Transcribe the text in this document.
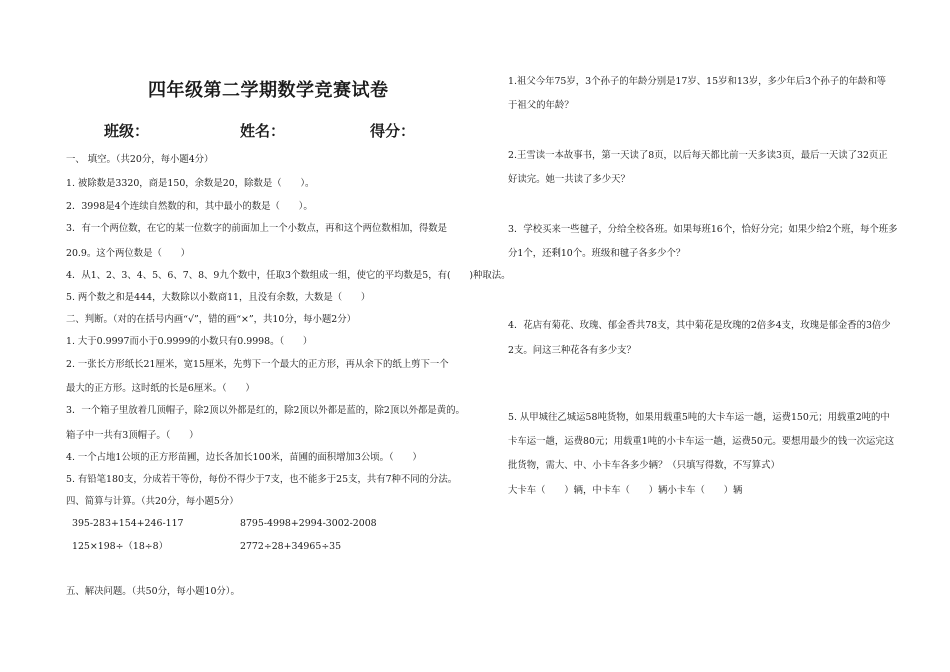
四年级第二学期数学竞赛试卷
班级：	姓名：	得分：
一、 填空。（共20分，每小题4分）
1. 被除数是3320，商是150，余数是20，除数是（　　）。
2．3998是4个连续自然数的和，其中最小的数是（　　）。
3．有一个两位数，在它的某一位数字的前面加上一个小数点，再和这个两位数相加，得数是
20.9。这个两位数是（　　）
4．从1、2、3、4、5、6、7、8、9九个数中，任取3个数组成一组，使它的平均数是5，有(　　)种取法。
5. 两个数之和是444，大数除以小数商11，且没有余数，大数是（　　）
二、判断。（对的在括号内画“√”，错的画“×”，共10分，每小题2分）
1. 大于0.9997而小于0.9999的小数只有0.9998。（　　）
2. 一张长方形纸长21厘米，宽15厘米，先剪下一个最大的正方形，再从余下的纸上剪下一个
最大的正方形。这时纸的长是6厘米。（　　）
3．一个箱子里放着几顶帽子，除2顶以外都是红的，除2顶以外都是蓝的，除2顶以外都是黄的。
箱子中一共有3顶帽子。（　　）
4. 一个占地1公顷的正方形苗圃，边长各加长100米，苗圃的面积增加3公顷。（　　）
5. 有铅笔180支，分成若干等份，每份不得少于7支，也不能多于25支，共有7种不同的分法。
四、简算与计算。（共20分，每小题5分）
395-283+154+246-117	8795-4998+2994-3002-2008
125×198÷（18÷8）	2772÷28+34965÷35
五、解决问题。（共50分，每小题10分）。
1.祖父今年75岁，3个孙子的年龄分别是17岁、15岁和13岁，多少年后3个孙子的年龄和等
于祖父的年龄？
2.王雪读一本故事书，第一天读了8页，以后每天都比前一天多读3页，最后一天读了32页正
好读完。她一共读了多少天？
3．学校买来一些毽子，分给全校各班。如果每班16个，恰好分完；如果少给2个班，每个班多
分1个，还剩10个。班级和毽子各多少个？
4．花店有菊花、玫瑰、郁金香共78支，其中菊花是玫瑰的2倍多4支，玫瑰是郁金香的3倍少
2支。问这三种花各有多少支？
5. 从甲城往乙城运58吨货物，如果用载重5吨的大卡车运一趟，运费150元；用载重2吨的中
卡车运一趟，运费80元；用载重1吨的小卡车运一趟，运费50元。要想用最少的钱一次运完这
批货物，需大、中、小卡车各多少辆？（只填写得数，不写算式）
大卡车（　　）辆，中卡车（　　）辆小卡车（　　）辆
